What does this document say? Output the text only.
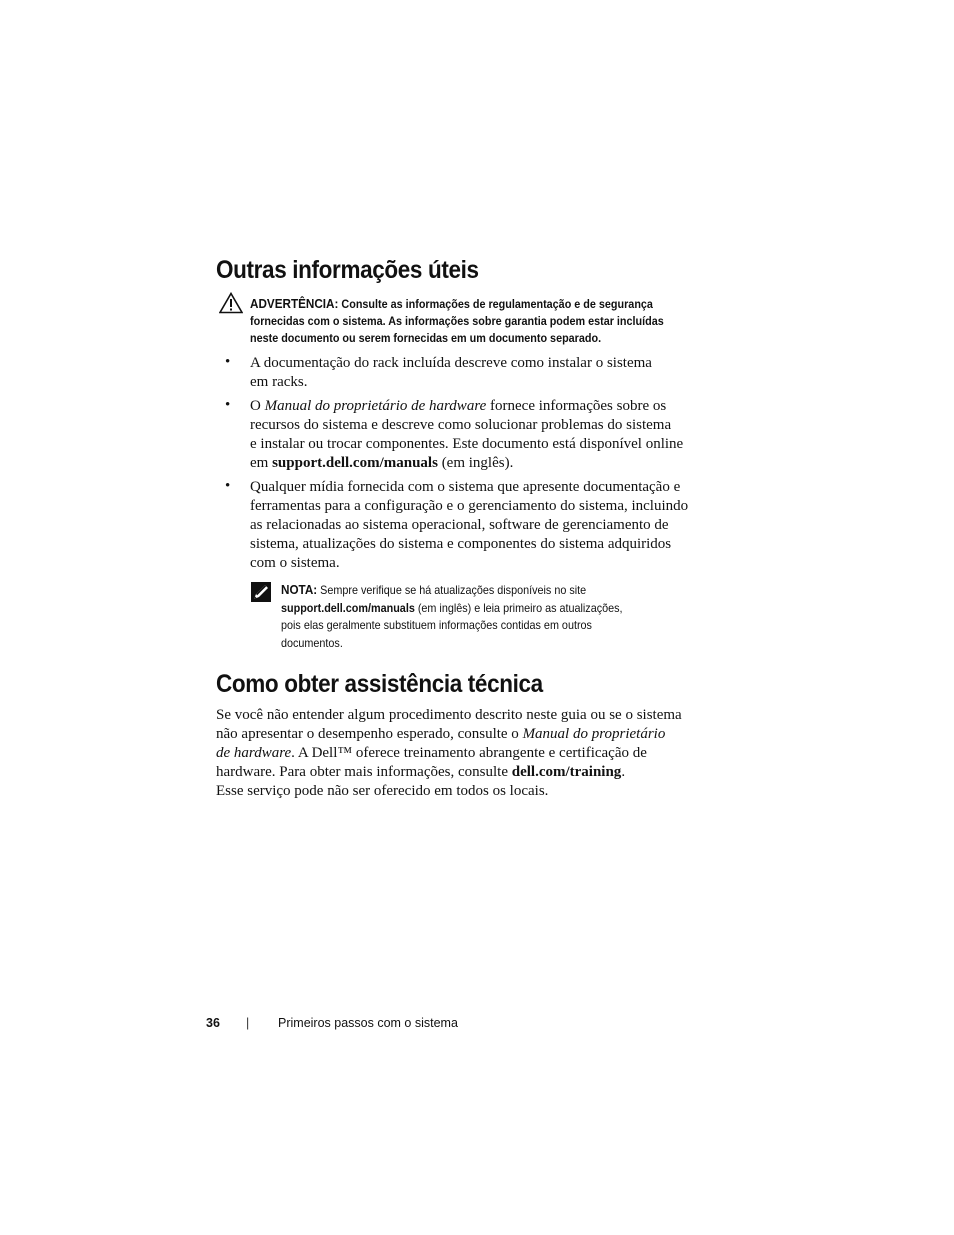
Outras informações úteis
ADVERTÊNCIA: Consulte as informações de regulamentação e de segurança
fornecidas com o sistema. As informações sobre garantia podem estar incluídas
neste documento ou serem fornecidas em um documento separado.
• A documentação do rack incluída descreve como instalar o sistema
em racks.
• O Manual do proprietário de hardware fornece informações sobre os
recursos do sistema e descreve como solucionar problemas do sistema
e instalar ou trocar componentes. Este documento está disponível online
em support.dell.com/manuals (em inglês).
• Qualquer mídia fornecida com o sistema que apresente documentação e
ferramentas para a configuração e o gerenciamento do sistema, incluindo
as relacionadas ao sistema operacional, software de gerenciamento de
sistema, atualizações do sistema e componentes do sistema adquiridos
com o sistema.
NOTA: Sempre verifique se há atualizações disponíveis no site
support.dell.com/manuals (em inglês) e leia primeiro as atualizações,
pois elas geralmente substituem informações contidas em outros
documentos.
Como obter assistência técnica
Se você não entender algum procedimento descrito neste guia ou se o sistema
não apresentar o desempenho esperado, consulte o Manual do proprietário
de hardware. A Dell™ oferece treinamento abrangente e certificação de
hardware. Para obter mais informações, consulte dell.com/training.
Esse serviço pode não ser oferecido em todos os locais.
36 | Primeiros passos com o sistema
